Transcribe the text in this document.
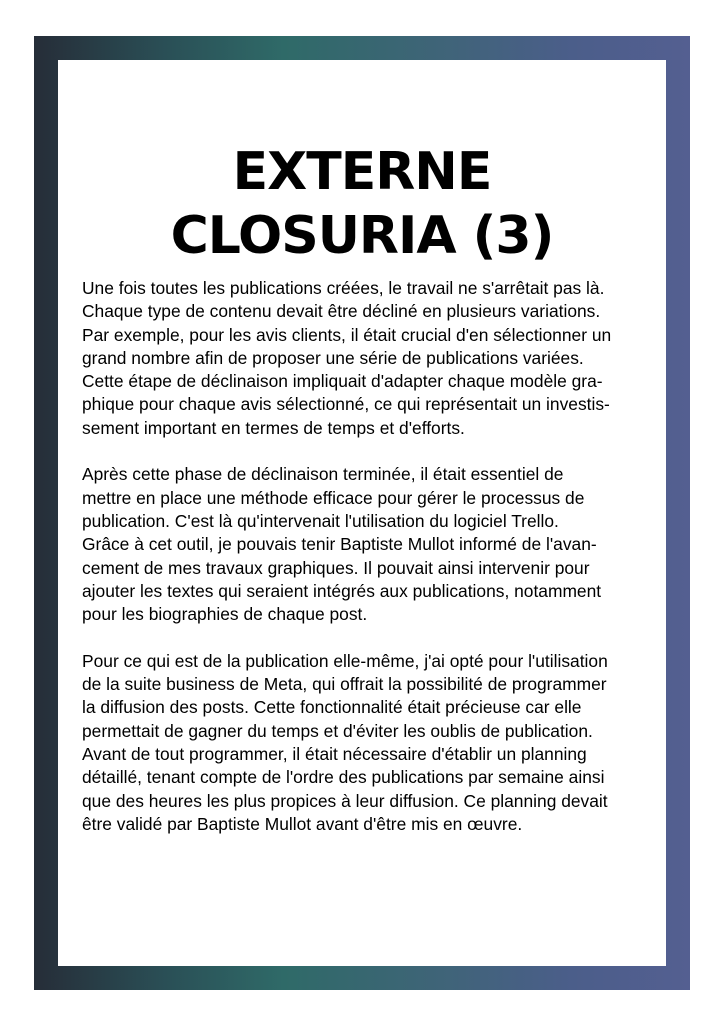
EXTERNE
CLOSURIA (3)

Une fois toutes les publications créées, le travail ne s'arrêtait pas là.
Chaque type de contenu devait être décliné en plusieurs variations.
Par exemple, pour les avis clients, il était crucial d'en sélectionner un
grand nombre afin de proposer une série de publications variées.
Cette étape de déclinaison impliquait d'adapter chaque modèle gra-
phique pour chaque avis sélectionné, ce qui représentait un investis-
sement important en termes de temps et d'efforts.

Après cette phase de déclinaison terminée, il était essentiel de
mettre en place une méthode efficace pour gérer le processus de
publication. C'est là qu'intervenait l'utilisation du logiciel Trello.
Grâce à cet outil, je pouvais tenir Baptiste Mullot informé de l'avan-
cement de mes travaux graphiques. Il pouvait ainsi intervenir pour
ajouter les textes qui seraient intégrés aux publications, notamment
pour les biographies de chaque post.

Pour ce qui est de la publication elle-même, j'ai opté pour l'utilisation
de la suite business de Meta, qui offrait la possibilité de programmer
la diffusion des posts. Cette fonctionnalité était précieuse car elle
permettait de gagner du temps et d'éviter les oublis de publication.
Avant de tout programmer, il était nécessaire d'établir un planning
détaillé, tenant compte de l'ordre des publications par semaine ainsi
que des heures les plus propices à leur diffusion. Ce planning devait
être validé par Baptiste Mullot avant d'être mis en œuvre.
